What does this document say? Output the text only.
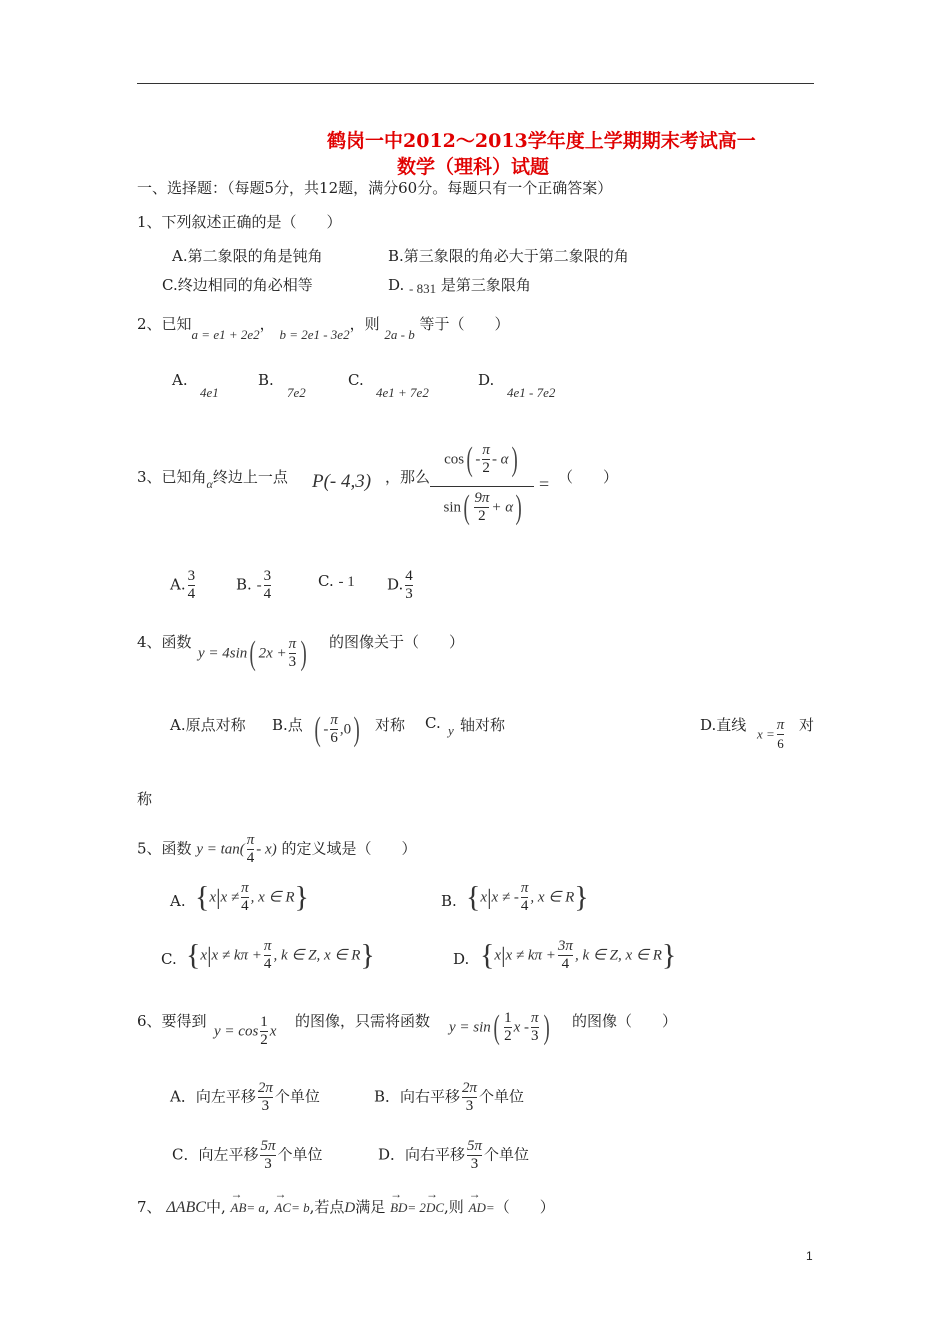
鹤岗一中2012～2013学年度上学期期末考试高一
数学（理科）试题
一、选择题：（每题5分，共12题，满分60分。每题只有一个正确答案）
1、下列叙述正确的是（　　）
A.第二象限的角是钝角	B.第三象限的角必大于第二象限的角
C.终边相同的角必相等	D. - 831 是第三象限角
2、已知a = e1 + 2e2， b = 2e1 - 3e2，则 2a - b 等于（　　）
A.
4e1
B.
7e2
C.
4e1 + 7e2
D.
4e1 - 7e2
3、已知角$_\alpha$终边上一点 P(- 4,3) ，那么
$\cos( - \frac{\pi}{2} - \alpha)$
$\sin( \frac{9\pi}{2} + \alpha)$
= （　　）
A. $\frac{3}{4}$	B. - $\frac{3}{4}$	C. - 1 D. $\frac{4}{3}$
4、函数
y = 4sin( $2x + \frac{\pi}{3}$ ) 的图像关于（　　）
A.原点对称 B.点 ( - $\frac{\pi}{6} ,0$) 对称 C. y 轴对称	D.直线 $x = \frac{\pi}{6}$ 对
称
5、函数 $y = \tan( \frac{\pi}{4} - x)$ 的定义域是（　　）
A. {$x|x \ne \frac{\pi}{4}$ , x ∈ R}	B. {x|x ≠ - $\frac{\pi}{4}$ , x ∈ R}
C. {$x|x \ne k\pi + \frac{\pi}{4}$ , k ∈ Z, x ∈ R}	D. {$x|x \ne k\pi + \frac{3\pi}{4}$ , k ∈ Z, x ∈ R}
6、要得到
$y = \cos \frac{1}{2}$ x
的图像，只需将函数 $y = \sin( \frac{1}{2}$ x - $\frac{\pi}{3}$ ) 的图像（　　）
A．向左平移 $\frac{2\pi}{3}$ 个单位	B．向右平移 $\frac{2\pi}{3}$ 个单位
C．向左平移 $\frac{5\pi}{3}$ 个单位	D．向右平移 $\frac{5\pi}{3}$ 个单位
7、 ΔABC中, → AB= a, → AC= b,若点D满足 → BD= 2→ DC,则 → AD=（　　）
1
